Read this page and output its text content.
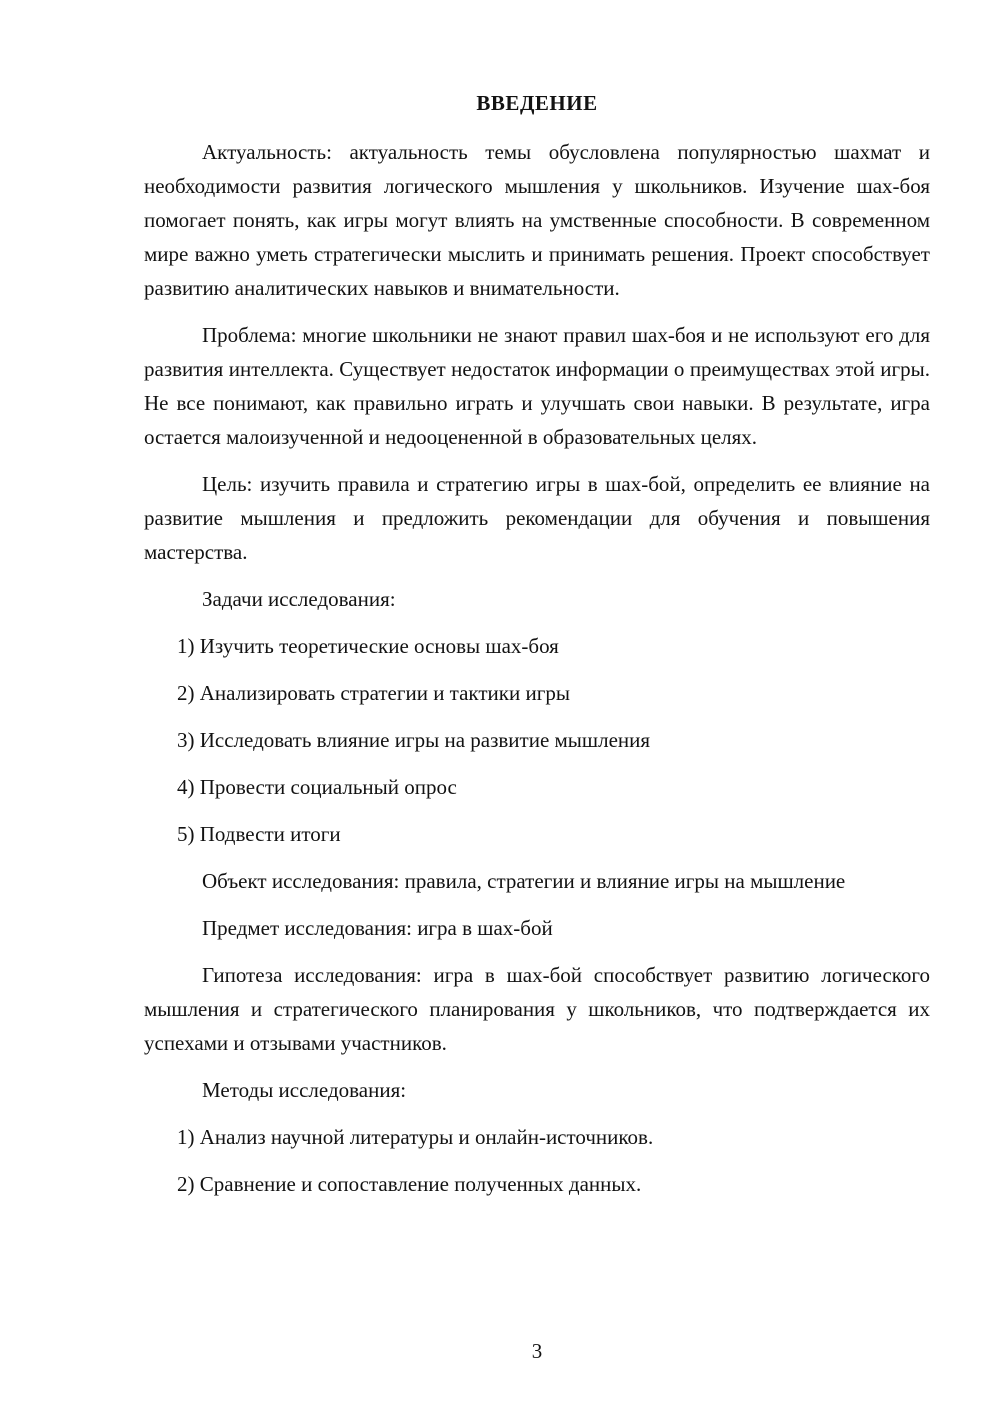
ВВЕДЕНИЕ

Актуальность: актуальность темы обусловлена популярностью шахмат и необходимости развития логического мышления у школьников. Изучение шах-боя помогает понять, как игры могут влиять на умственные способности. В современном мире важно уметь стратегически мыслить и принимать решения. Проект способствует развитию аналитических навыков и внимательности.

Проблема: многие школьники не знают правил шах-боя и не используют его для развития интеллекта. Существует недостаток информации о преимуществах этой игры. Не все понимают, как правильно играть и улучшать свои навыки. В результате, игра остается малоизученной и недооцененной в образовательных целях.

Цель: изучить правила и стратегию игры в шах-бой, определить ее влияние на развитие мышления и предложить рекомендации для обучения и повышения мастерства.

Задачи исследования:

1) Изучить теоретические основы шах-боя

2) Анализировать стратегии и тактики игры

3) Исследовать влияние игры на развитие мышления

4) Провести социальный опрос

5) Подвести итоги

Объект исследования: правила, стратегии и влияние игры на мышление

Предмет исследования: игра в шах-бой

Гипотеза исследования: игра в шах-бой способствует развитию логического мышления и стратегического планирования у школьников, что подтверждается их успехами и отзывами участников.

Методы исследования:

1) Анализ научной литературы и онлайн-источников.

2) Сравнение и сопоставление полученных данных.

3
